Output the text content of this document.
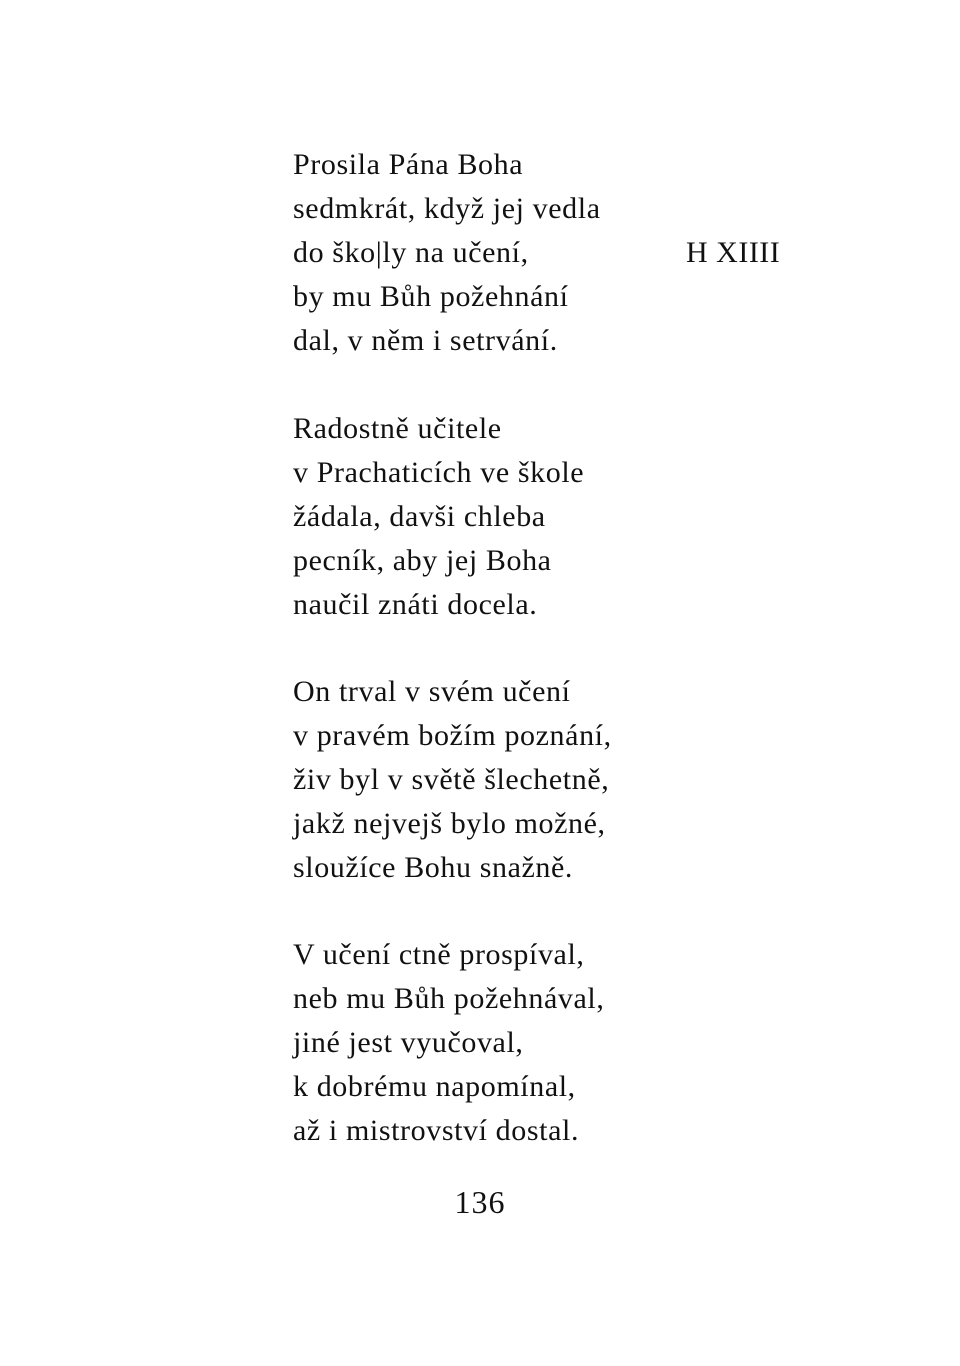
Prosila Pána Boha
sedmkrát, když jej vedla
do ško|ly na učení,
by mu Bůh požehnání
dal, v něm i setrvání.
H XIIII
Radostně učitele
v Prachaticích ve škole
žádala, davši chleba
pecník, aby jej Boha
naučil znáti docela.
On trval v svém učení
v pravém božím poznání,
živ byl v světě šlechetně,
jakž nejvejš bylo možné,
sloužíce Bohu snažně.
V učení ctně prospíval,
neb mu Bůh požehnával,
jiné jest vyučoval,
k dobrému napomínal,
až i mistrovství dostal.
136
